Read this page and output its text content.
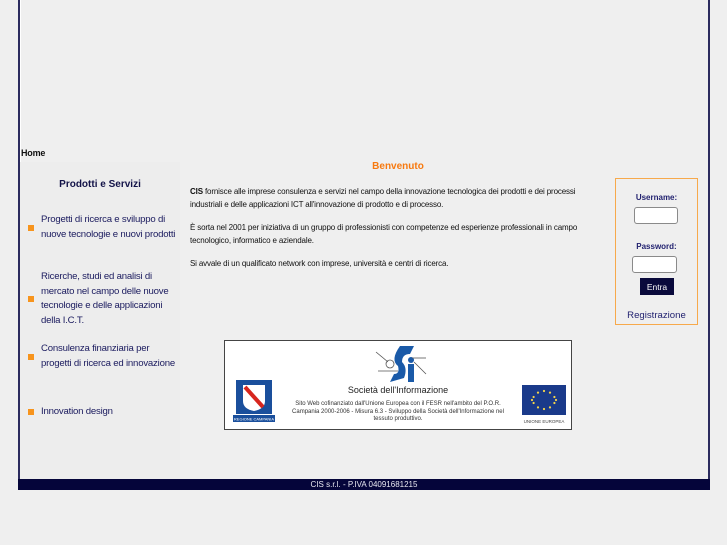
Home
Prodotti e Servizi
Progetti di ricerca e sviluppo di nuove tecnologie e nuovi prodotti
Ricerche, studi ed analisi di mercato nel campo delle nuove tecnologie e delle applicazioni della I.C.T.
Consulenza finanziaria per progetti di ricerca ed innovazione
Innovation design
Benvenuto
CIS fornisce alle imprese consulenza e servizi nel campo della innovazione tecnologica dei prodotti e dei processi industriali e delle applicazioni ICT all'innovazione di prodotto e di processo.
È sorta nel 2001 per iniziativa di un gruppo di professionisti con competenze ed esperienze professionali in campo tecnologico, informatico e aziendale.
Si avvale di un qualificato network con imprese, università e centri di ricerca.
Username:
Password:
Entra
Registrazione
Società dell'Informazione
Sito Web cofinanziato dall'Unione Europea con il FESR nell'ambito del P.O.R. Campania 2000-2006 - Misura 6.3 - Sviluppo della Società dell'Informazione nel tessuto produttivo.
REGIONE CAMPANIA	UNIONE EUROPEA
CIS s.r.l. - P.IVA 04091681215
